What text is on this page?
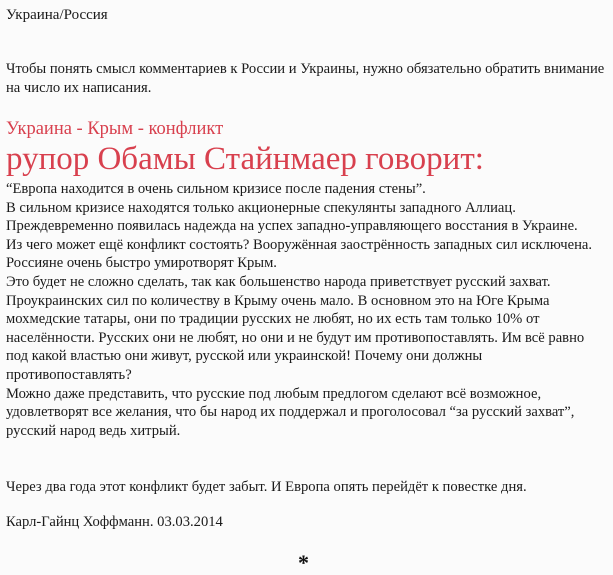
Украина/Россия
Чтобы понять смысл комментариев к России и Украины, нужно обязательно обратить внимание на число их написания.
Украина - Крым - конфликт
рупор Обамы Стайнмаер говорит:

“Европа находится в очень сильном кризисе после падения стены”.

В сильном кризисе находятся только акционерные спекулянты западного Аллиац.

Преждевременно появилась надежда на успех западно-управляющего восстания в Украине.

Из чего может ещё конфликт состоять? Вооружённая заострённость западных сил исключена. Россияне очень быстро умиротворят Крым.

Это будет не сложно сделать, так как большенство народа приветствует русский захват.

Проукраинских сил по количеству в Крыму очень мало. В основном это на Юге Крыма мохмедские татары, они по традиции русских не любят, но их есть там только 10% от населённости. Русских они не любят, но они и не будут им противопоставлять. Им всё равно под какой властью они живут, русской или украинской! Почему они должны противопоставлять?

Можно даже представить, что русские под любым предлогом сделают всё возможное, удовлетворят все желания, что бы народ их поддержал и проголосовал “за русский захват”, русский народ ведь хитрый.

Через два года этот конфликт будет забыт. И Европа опять перейдёт к повестке дня.
Карл-Гайнц Хоффманн. 03.03.2014
*
